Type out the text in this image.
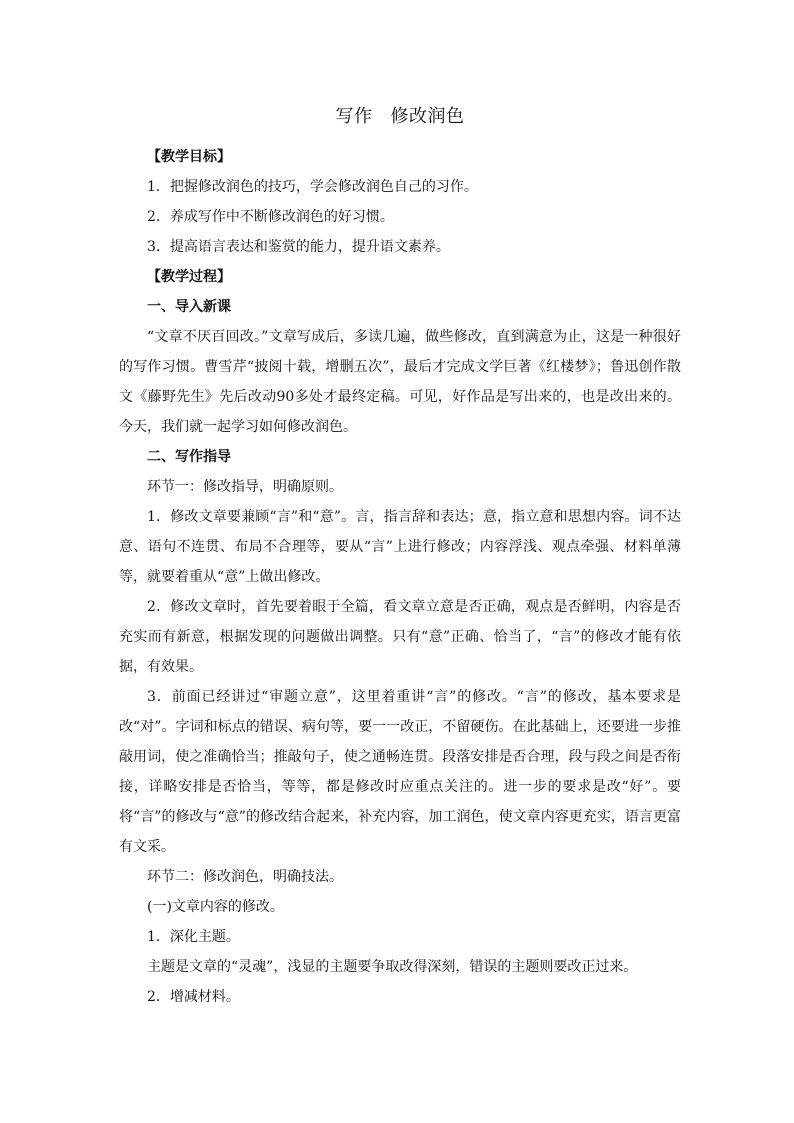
写作 修改润色

【教学目标】

1．把握修改润色的技巧，学会修改润色自己的习作。

2．养成写作中不断修改润色的好习惯。

3．提高语言表达和鉴赏的能力，提升语文素养。

【教学过程】

一、导入新课

“文章不厌百回改。”文章写成后，多读几遍，做些修改，直到满意为止，这是一种很好的写作习惯。曹雪芹“披阅十载，增删五次”，最后才完成文学巨著《红楼梦》；鲁迅创作散文《藤野先生》先后改动90多处才最终定稿。可见，好作品是写出来的，也是改出来的。今天，我们就一起学习如何修改润色。

二、写作指导

环节一：修改指导，明确原则。

1．修改文章要兼顾“言”和“意”。言，指言辞和表达；意，指立意和思想内容。词不达意、语句不连贯、布局不合理等，要从“言”上进行修改；内容浮浅、观点牵强、材料单薄等，就要着重从“意”上做出修改。

2．修改文章时，首先要着眼于全篇，看文章立意是否正确，观点是否鲜明，内容是否充实而有新意，根据发现的问题做出调整。只有“意”正确、恰当了，“言”的修改才能有依据，有效果。

3．前面已经讲过“审题立意”，这里着重讲“言”的修改。“言”的修改，基本要求是改“对”。字词和标点的错误、病句等，要一一改正，不留硬伤。在此基础上，还要进一步推敲用词，使之准确恰当；推敲句子，使之通畅连贯。段落安排是否合理，段与段之间是否衔接，详略安排是否恰当，等等，都是修改时应重点关注的。进一步的要求是改“好”。要将“言”的修改与“意”的修改结合起来，补充内容，加工润色，使文章内容更充实，语言更富有文采。

环节二：修改润色，明确技法。

(一)文章内容的修改。

1．深化主题。

主题是文章的“灵魂”，浅显的主题要争取改得深刻，错误的主题则要改正过来。

2．增减材料。
